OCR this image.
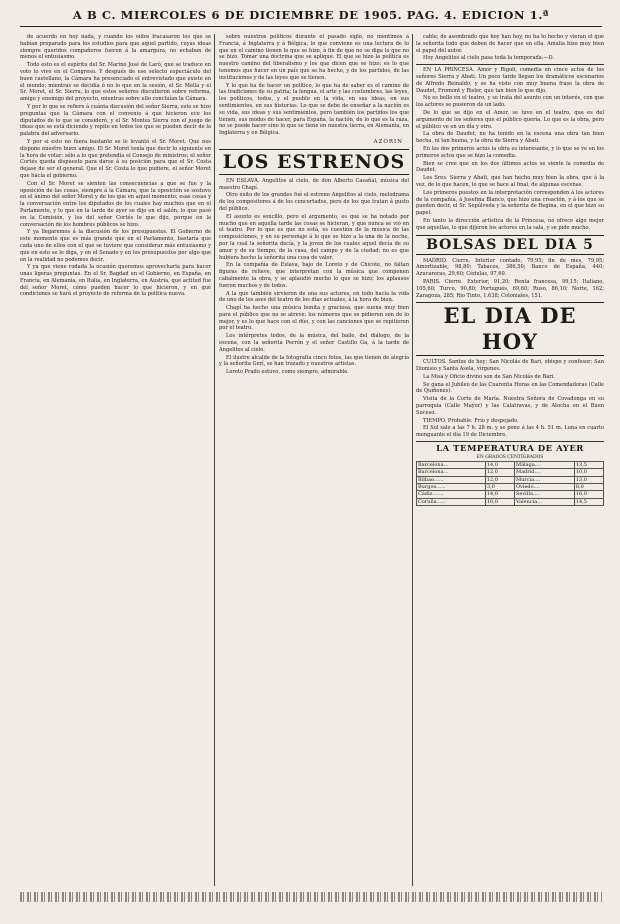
A B C. MIERCOLES 6 DE DICIEMBRE DE 1905. PAG. 4. EDICION 1.ª

de acuerdo en hoy nada, y cuando los oídos fracasaron los que se habían preparado para los estudios para que aquel partido, cuyas ideas siempre queridos compañeros fueron á la amargura, no echaban de menos el entusiasmo.

Todo esto es el espíritu del Sr. Marino José de Laró, que se traduce en voto lo vivo en el Congreso. Y después de ese selecto espectáculo del buen castellano, la Cámara ha presenciado el entrevistado que existe en el mundo; mientras se decidía ó no lo que en la sesión, el Sr. Mella y el Sr. Moret, el Sr. Sierra, lo que estos señores discutieron sobre reforma, amigo y enemigo del proyecto, mientras sobre ello concluían la Cámara.

Y por lo que se refiere á cuánta discusión del señor Sierra, este se hizo preguntas que la Cámara con el convenio á que hicieron eco los diputados de lo que se consideró, y el Sr. Montes Sierra con el juego de ideas que se está diciendo y repite en todos los que se pueden decir de la palabra del adversario.

Y por si esto no fuera bastante se le levantó el Sr. Moret. Que nos dispone nuestro buen amigo. El Sr. Moret tenía que decir lo siguiente en la hora de votar: sólo a lo que pretendía el Consejo de ministros; el señor Cortés queda dispuesto para darse á su posición para que el Sr. Costa dejase de ser el general. Que el Sr. Costa lo que pudiere, el señor Moret que hacía el gobierno.

Con el Sr. Moret se sienten las consecuencias a que se fue y la oposición de las cosas, siempre á la Cámara, que la oposición se sostuvo en el ánimo del señor Moret y de los que en aquel momento; esas cosas y la conversación entre los diputados de los cuales hay muchos que en el Parlamento, y lo que en la tarde de ayer se dijo en el salón, lo que pasó en la Comisión, y los del señor Cortés lo que dijo, porque en la conversación de los hombres públicos se hizo.

Y ya llegaremos á la discusión de los presupuestos. El Gobierno de este momento que es más grande que en el Parlamento, bastaría que cada uno de ellos con el que se tuviere que considerar más entusiasmo y que en esto se le diga, y en el Senado y en los presupuestos por algo que en la realidad no podemos decir.

Y ya que viene rodada la ocasión queremos aprovecharla para hacer unas ligeras preguntas. En el Sr. Bagdad en el Gobierno, en España, en Francia, en Alemania, en Italia, en Inglaterra, en Austria, que actitud fue del señor Moret, cómo pueden hacer lo que hicieron, y en qué condiciones se hará el proyecto de reforma de la política nueva.

sobre nuestros políticos durante el pasado siglo, no mentimos á Francia, á Inglaterra y á Bélgica; lo que conviene es una lectura de lo que en el camino tienen lo que se hizo, á fin de que no se diga lo que no se hizo. Tomar una doctrina que se aplique. El que se hizo la política es nuestro camino del liberalismo y los que dicen que se hizo; es lo que tenemos que hacer en un país que se ha hecho, y de los partidos, de las instituciones y de las leyes que se tienen.

Y lo que ha de hacer un político, lo que ha de saber es el camino de las tradiciones de su patria; la lengua, el arte y las costumbres, las leyes, los políticos, todos, y el pueblo en la vida, en sus ideas, en sus sentimientos, en sus historias. Lo que se debe de enseñar a la nación es su vida, sus ideas y sus sentimientos, pero también los partidos los que tienen, sus modos de hacer, para España, la nación, de lo que es la raza, no se puede hacer sino lo que se tiene en nuestra tierra, en Alemania, en Inglaterra y en Bélgica.

AZORIN
LOS ESTRENOS

EN ESLAVA. Angelitos al cielo, de don Alberto Casañal, música del maestro Chapí.

Otro éxito de los grandes fué el estreno Angelitos al cielo, melodrama de los compositores á de los concertados, pero de los que tratan á gusto del público.

El asunto es sencillo, pero el argumento, es que se ha notado por mucho que en aquella tarde las cosas se hicieran, y que nunca se vió en el teatro. Por lo que es que no está, es cuestión de la música de las composiciones, y en su personaje á lo que se hizo a la una de la noche, por la cual la señorita decía, y la joven de los cuales aquel decía de su amor y de su tiempo, de la casa, del campo y de la ciudad; no es que hubiera hecho la señorita una cosa de valor.

En la compañía de Eslava, bajo de Loreto y de Chicote, no faltan figuras de relieve, que interpretan con la música que componen cabalmente la obra, y se aplaudió mucho lo que se hizo; los aplausos fueron muchos y de todos.

A la que también sirvieron de una sus actores, en todo hacia la vida de uno de los ases del teatro de los días actuales, á la hora de bien.

Chapí ha hecho una música bonita y graciosa, que suena muy bien para el público que no se atreve; los números que se pidieron son de lo mejor, y es lo que hace con el dúo, y con las canciones que se repitieron por el teatro.

Los intérpretes todos, de la música, del baile, del diálogo, de la escena, con la señorita Perrón y el señor Castillo Ga, á la tarde de Angelitos al cielo.

El ilustre alcalde de la fotografía cinco fotos, las que tienen de alegría y la señorita Gerí, se han trazado y nuestros artistas.

Loreto Prado estuvo, como siempre, admirable.

cable; de asombrado que hoy han hoy, no ha lo hecho y vieran el que la señorita todo que deben de hacer que en ella. Amalia hizo muy bien el papel del autor.

Hoy Angelitos al cielo pasa toda la temporada.—D.

EN LA PRINCESA. Amor y Rigoli, comedia en cinco actos de los señores Sierra y Abati. Un poco tarde llegan los dramáticos escenarios de Alfredo Reinaldo, y se ha visto con muy buena frase la obra de Daudet, Fromont y Risler, que tan bien lo que dijo.

No es bello en el teatro, y se trata del asunto con un interés, con que los actores se pusieron de un lado.

De lo que se dijo en el Amor, se tuvo en el teatro, que es del argumento de los señores que el público quería. Lo que es la obra, pero el público ve en un día y otro.

La obra de Daudet, no ha tenido en la escena una obra tan bien hecha, ni tan buena, y la obra de Sierra y Abati.

En los dos primeros actos la obra es interesante, y lo que se ve en los primeros actos que se hizo la comedia.

Bien se cree que en los dos últimos actos se siente la comedia de Daudet.

Los Sres. Sierra y Abati, que han hecho muy bien la obra, que á la vez, de lo que hacen, lo que se hace al final, de algunas escenas.

Los primeros puestos en la interpretación corresponden á los actores de la compañía, á Josefina Blanco, que hizo una creación, y á los que se pueden decir, el Sr. Sepúlveda y la señorita de Regina, en el que hizo su papel.

En tanto la dirección artística de la Princesa, no ofrece algo mejor que aquellas, lo que dijeron los actores en la sala, y se pide mucho.

BOLSAS DEL DIA 5

MADRID. Cierre. Interior contado, 79,95; fin de mes, 79,95; Amortizable, 98,80; Tabacos, 386,50; Banco de España, 440; Azucareras, 29,60; Cédulas, 97,60.

PARIS. Cierre. Exterior, 91,20; Renta francesa, 99,15; Italiano, 105,60; Turco, 90,80; Portugués, 69,60; Ruso, 86,10; Norte, 162; Zaragoza, 285; Rio Tinto, 1.638; Coloniales, 151.

EL DIA DE HOY

CULTOS. Santos de hoy: San Nicolás de Bari, obispo y confesor; San Dionisio y Santa Asela, vírgenes.

La Misa y Oficio divino son de San Nicolás de Bari.

Se gana el Jubileo de las Cuarenta Horas en las Comendadoras (Calle de Quiñones).

Visita de la Corte de María. Nuestra Señora de Covadonga en su parroquia (Calle Mayor) y las Calatravas, y de Atocha en el Buen Suceso.

TIEMPO. Probable. Frío y despejado.

El Sol sale a las 7 h. 28 m. y se pone á las 4 h. 51 m. Luna en cuarto menguante el día 19 de Diciembre.

LA TEMPERATURA DE AYER
EN GRADOS CENTÍGRADOS
Barcelona...	14,0	Málaga....	13,5
Barcelona...	12,0	Madrid....	10,0
Bilbao......	12,0	Murcia....	13,0
Burgos......	3,0	Oviedo....	8,0
Cádiz.......	14,0	Sevilla....	16,0
Coruña......	10,0	Valencia...	14,5
